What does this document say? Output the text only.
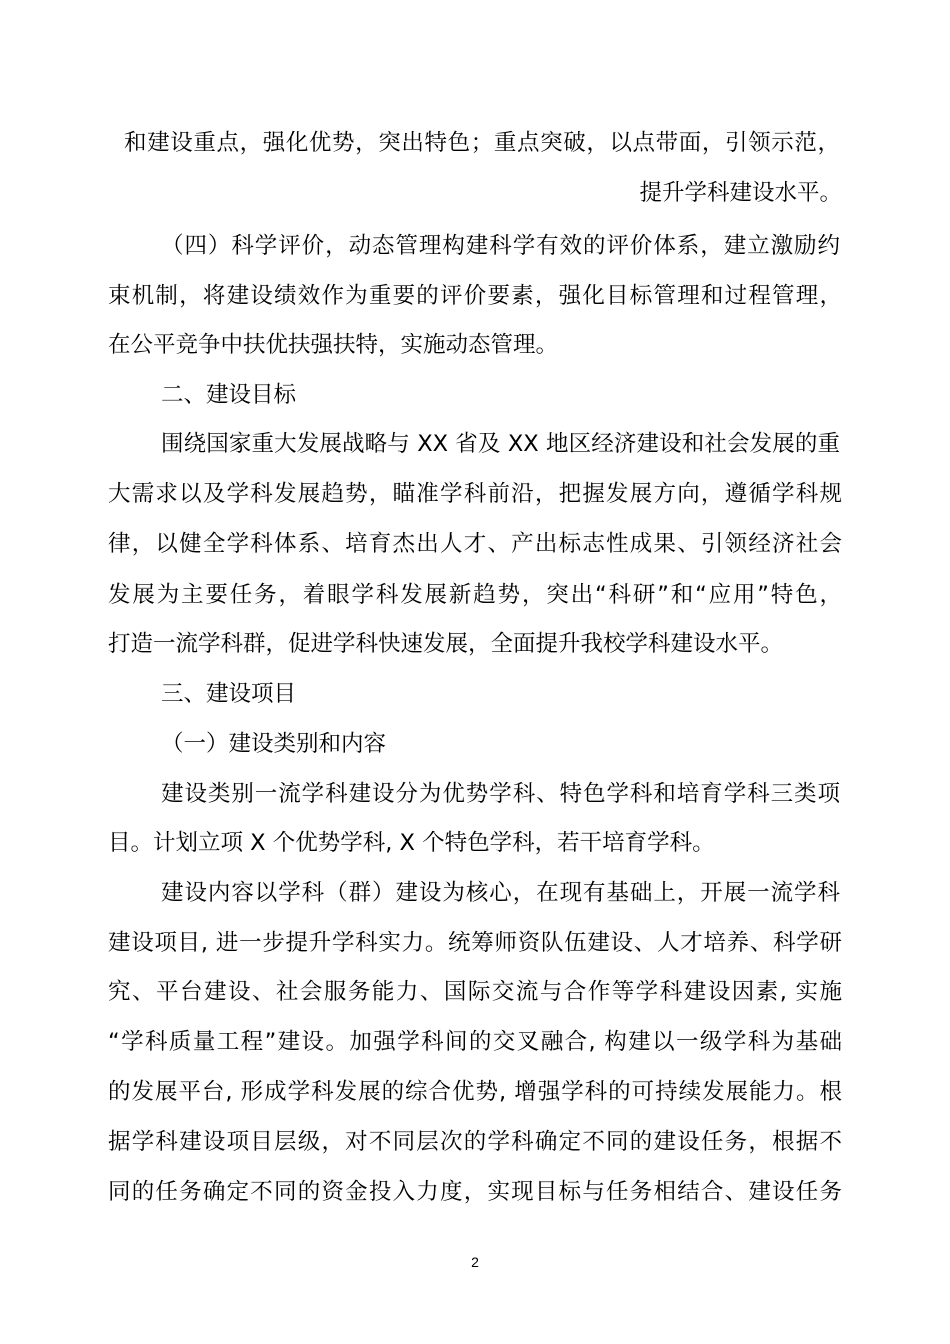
和建设重点，强化优势，突出特色；重点突破，以点带面，引领示范，
提升学科建设水平。
（四）科学评价，动态管理构建科学有效的评价体系，建立激励约
束机制，将建设绩效作为重要的评价要素，强化目标管理和过程管理，
在公平竞争中扶优扶强扶特，实施动态管理。
二、建设目标
围绕国家重大发展战略与 XX 省及 XX 地区经济建设和社会发展的重
大需求以及学科发展趋势，瞄准学科前沿，把握发展方向，遵循学科规
律，以健全学科体系、培育杰出人才、产出标志性成果、引领经济社会
发展为主要任务，着眼学科发展新趋势，突出“科研”和“应用”特色，
打造一流学科群，促进学科快速发展，全面提升我校学科建设水平。
三、建设项目
（一）建设类别和内容
建设类别一流学科建设分为优势学科、特色学科和培育学科三类项
目。计划立项 X 个优势学科, X 个特色学科，若干培育学科。
建设内容以学科（群）建设为核心，在现有基础上，开展一流学科
建设项目, 进一步提升学科实力。统筹师资队伍建设、人才培养、科学研
究、平台建设、社会服务能力、国际交流与合作等学科建设因素, 实施
“学科质量工程”建设。加强学科间的交叉融合, 构建以一级学科为基础
的发展平台, 形成学科发展的综合优势, 增强学科的可持续发展能力。根
据学科建设项目层级，对不同层次的学科确定不同的建设任务，根据不
同的任务确定不同的资金投入力度，实现目标与任务相结合、建设任务
2
